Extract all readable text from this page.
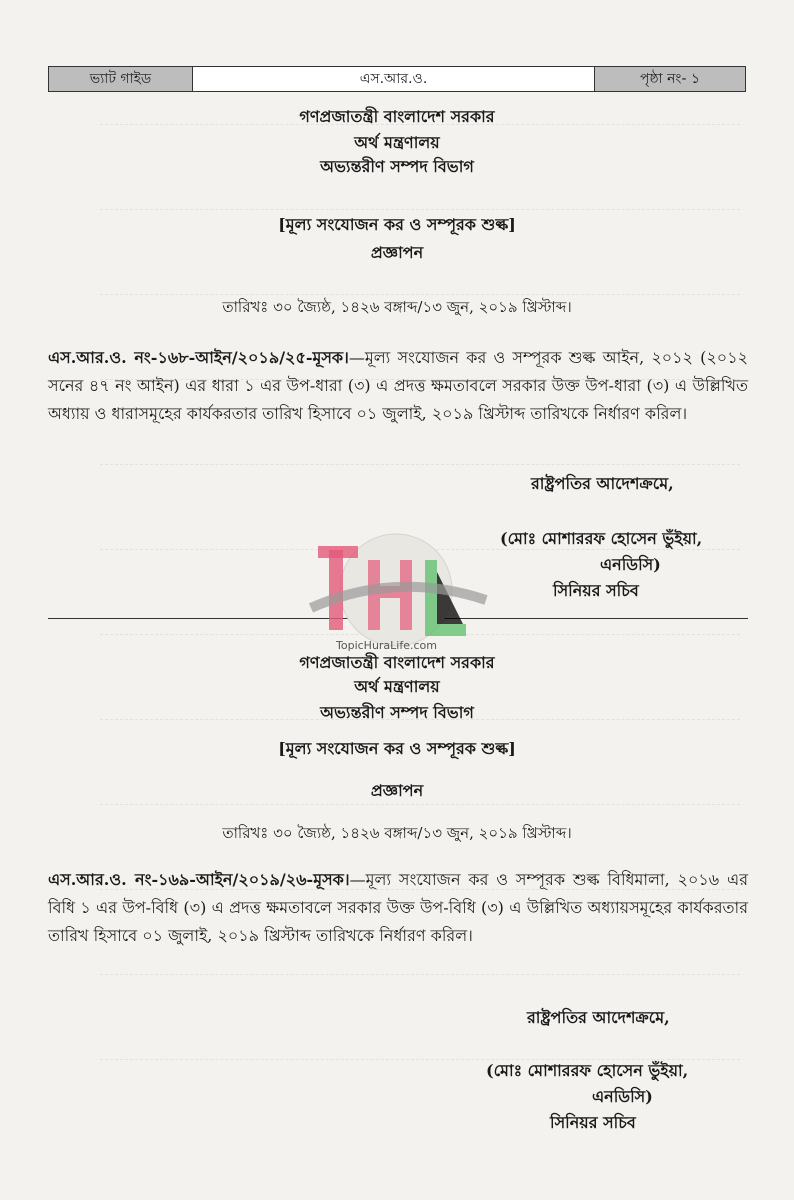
ভ্যাট গাইড	এস.আর.ও.	পৃষ্ঠা নং- ১
গণপ্রজাতন্ত্রী বাংলাদেশ সরকার
অর্থ মন্ত্রণালয়
অভ্যন্তরীণ সম্পদ বিভাগ
[মূল্য সংযোজন কর ও সম্পূরক শুল্ক]
প্রজ্ঞাপন
তারিখঃ ৩০ জ্যৈষ্ঠ, ১৪২৬ বঙ্গাব্দ/১৩ জুন, ২০১৯ খ্রিস্টাব্দ।
এস.আর.ও. নং-১৬৮-আইন/২০১৯/২৫-মূসক।—মূল্য সংযোজন কর ও সম্পূরক শুল্ক আইন, ২০১২ (২০১২ সনের ৪৭ নং আইন) এর ধারা ১ এর উপ-ধারা (৩) এ প্রদত্ত ক্ষমতাবলে সরকার উক্ত উপ-ধারা (৩) এ উল্লিখিত অধ্যায় ও ধারাসমূহের কার্যকরতার তারিখ হিসাবে ০১ জুলাই, ২০১৯ খ্রিস্টাব্দ তারিখকে নির্ধারণ করিল।
রাষ্ট্রপতির আদেশক্রমে,
(মোঃ মোশাররফ হোসেন ভুঁইয়া,
এনডিসি)
সিনিয়র সচিব
TopicHuraLife.com
গণপ্রজাতন্ত্রী বাংলাদেশ সরকার
অর্থ মন্ত্রণালয়
অভ্যন্তরীণ সম্পদ বিভাগ
[মূল্য সংযোজন কর ও সম্পূরক শুল্ক]
প্রজ্ঞাপন
তারিখঃ ৩০ জ্যৈষ্ঠ, ১৪২৬ বঙ্গাব্দ/১৩ জুন, ২০১৯ খ্রিস্টাব্দ।
এস.আর.ও. নং-১৬৯-আইন/২০১৯/২৬-মূসক।—মূল্য সংযোজন কর ও সম্পূরক শুল্ক বিধিমালা, ২০১৬ এর বিধি ১ এর উপ-বিধি (৩) এ প্রদত্ত ক্ষমতাবলে সরকার উক্ত উপ-বিধি (৩) এ উল্লিখিত অধ্যায়সমূহের কার্যকরতার তারিখ হিসাবে ০১ জুলাই, ২০১৯ খ্রিস্টাব্দ তারিখকে নির্ধারণ করিল।
রাষ্ট্রপতির আদেশক্রমে,
(মোঃ মোশাররফ হোসেন ভুঁইয়া,
এনডিসি)
সিনিয়র সচিব
